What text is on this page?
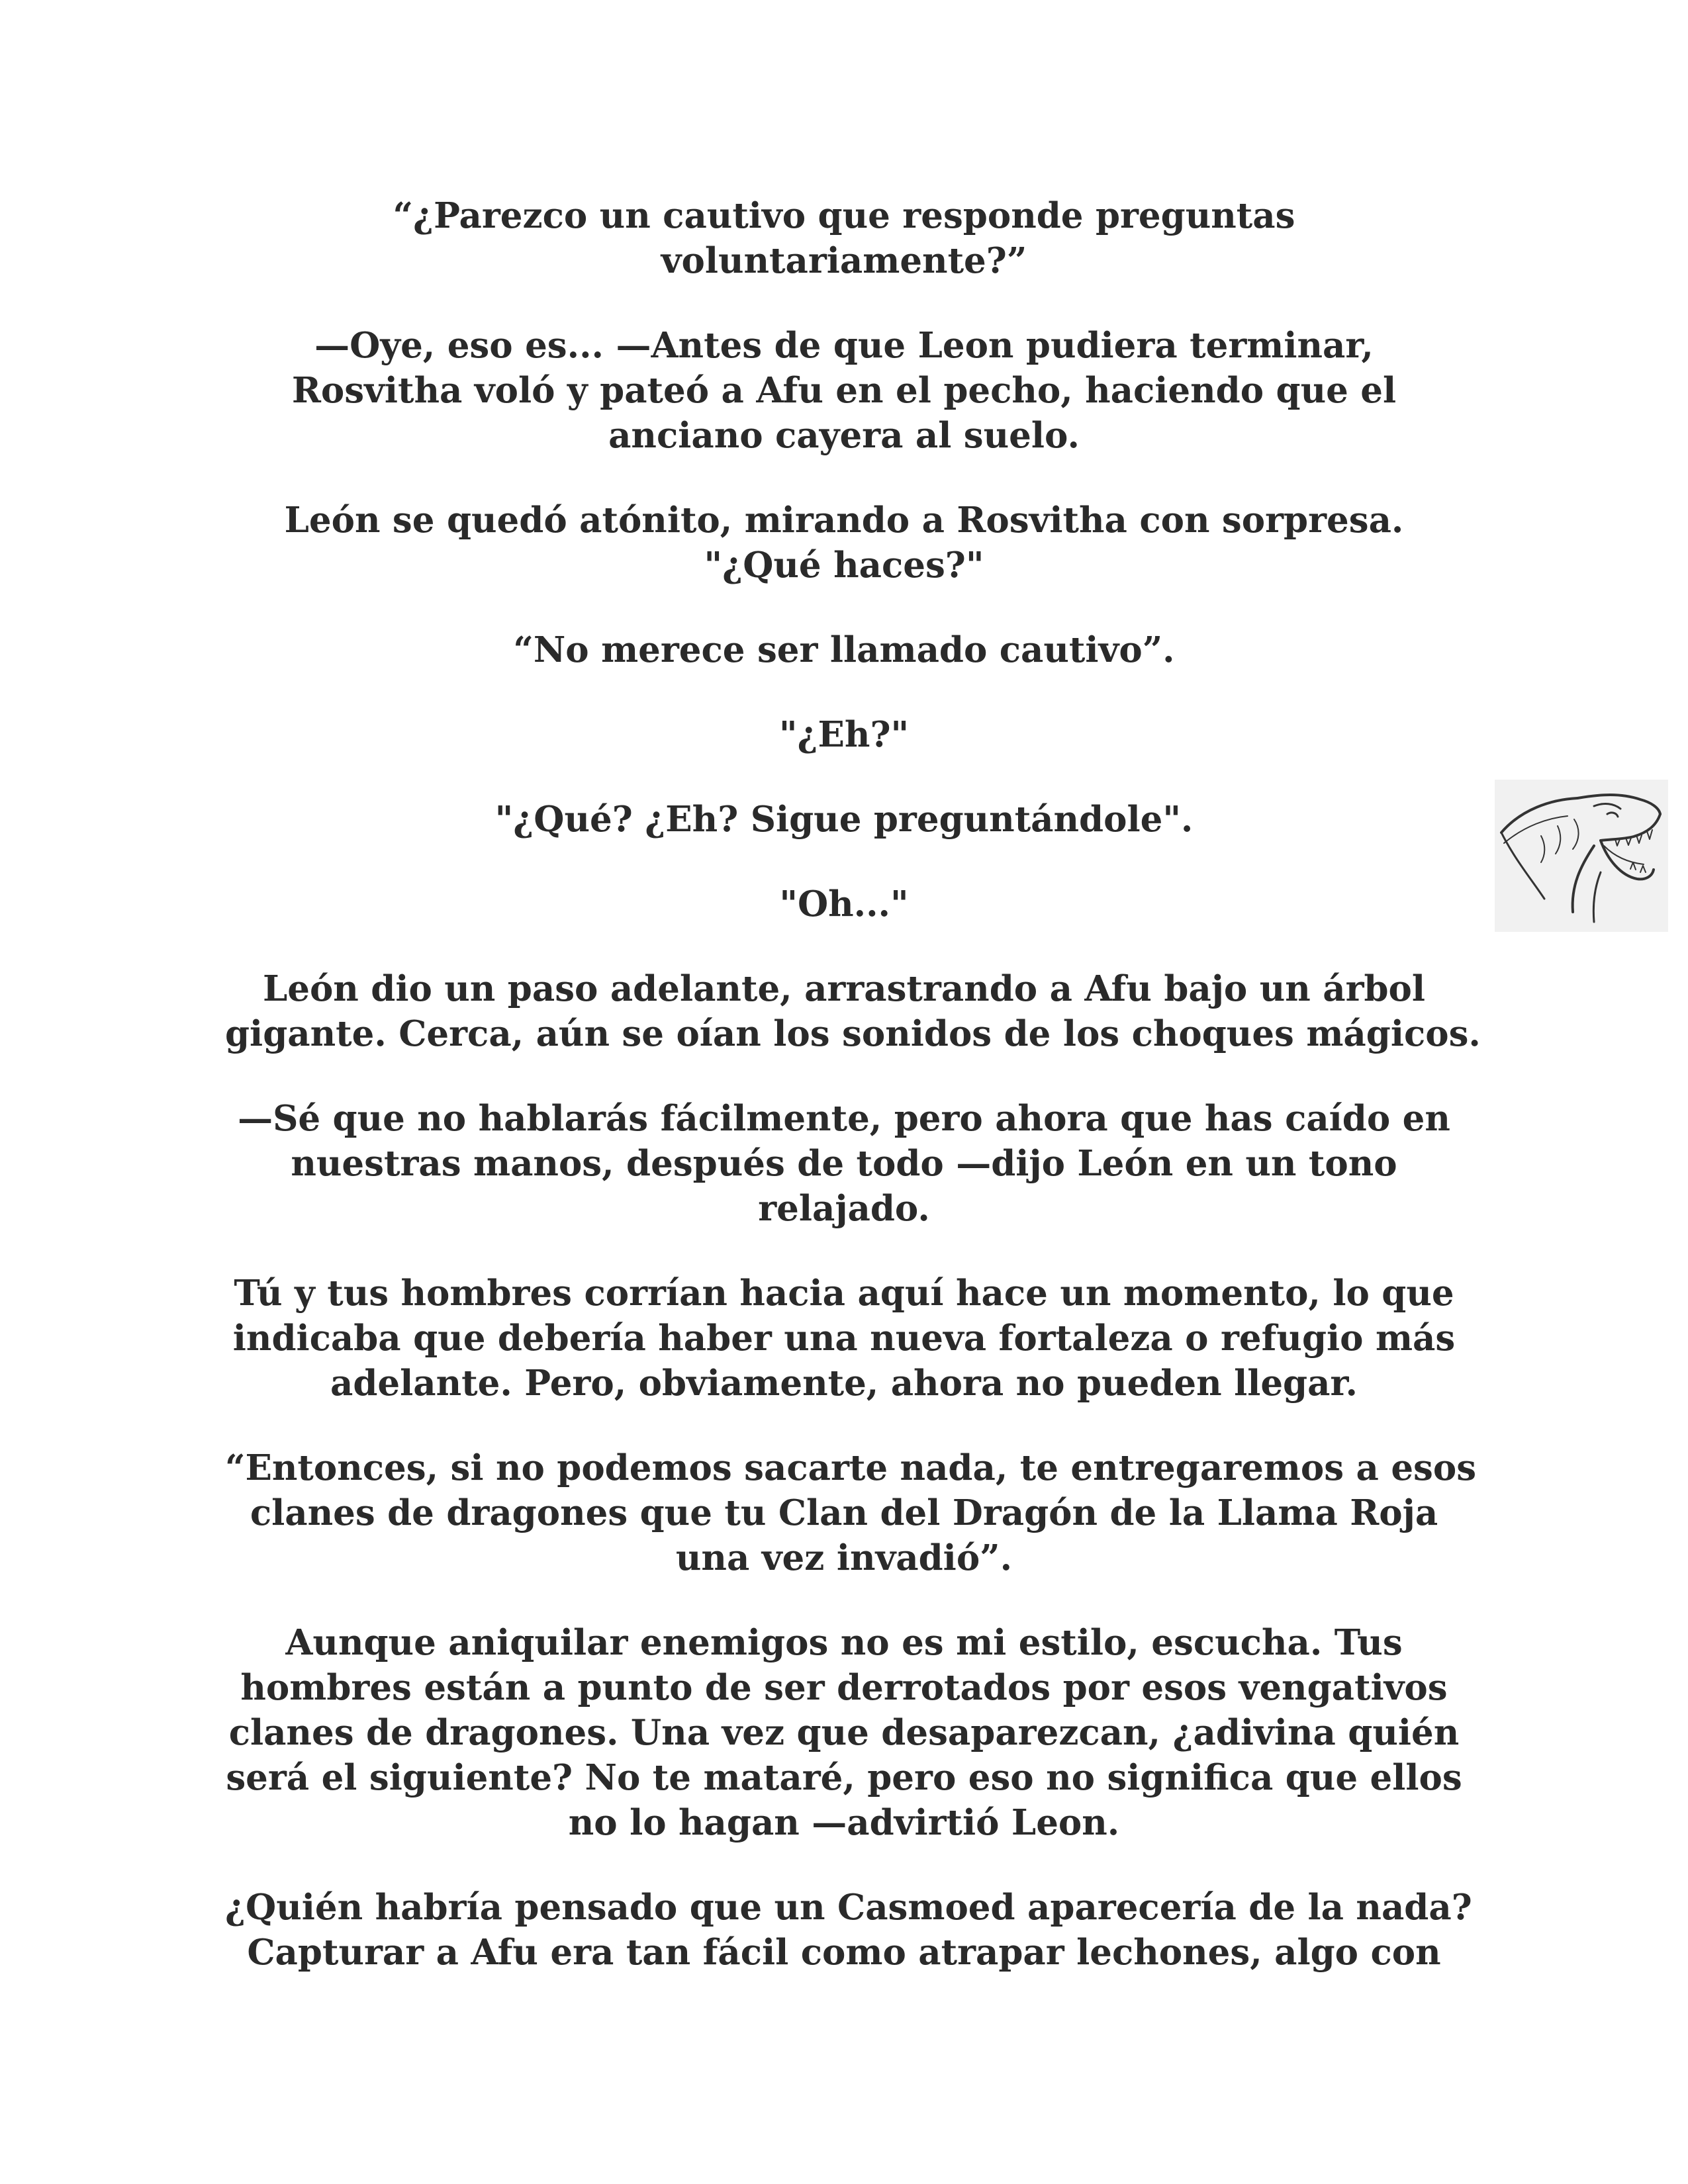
“¿Parezco un cautivo que responde preguntas
voluntariamente?”

—Oye, eso es... —Antes de que Leon pudiera terminar,
Rosvitha voló y pateó a Afu en el pecho, haciendo que el
anciano cayera al suelo.

León se quedó atónito, mirando a Rosvitha con sorpresa.
"¿Qué haces?"

“No merece ser llamado cautivo”.

"¿Eh?"

"¿Qué? ¿Eh? Sigue preguntándole".

"Oh..."

León dio un paso adelante, arrastrando a Afu bajo un árbol
gigante. Cerca, aún se oían los sonidos de los choques mágicos.

—Sé que no hablarás fácilmente, pero ahora que has caído en
nuestras manos, después de todo —dijo León en un tono
relajado.

Tú y tus hombres corrían hacia aquí hace un momento, lo que
indicaba que debería haber una nueva fortaleza o refugio más
adelante. Pero, obviamente, ahora no pueden llegar.

“Entonces, si no podemos sacarte nada, te entregaremos a esos
clanes de dragones que tu Clan del Dragón de la Llama Roja
una vez invadió”.

Aunque aniquilar enemigos no es mi estilo, escucha. Tus
hombres están a punto de ser derrotados por esos vengativos
clanes de dragones. Una vez que desaparezcan, ¿adivina quién
será el siguiente? No te mataré, pero eso no significa que ellos
no lo hagan —advirtió Leon.

¿Quién habría pensado que un Casmoed aparecería de la nada?
Capturar a Afu era tan fácil como atrapar lechones, algo con
